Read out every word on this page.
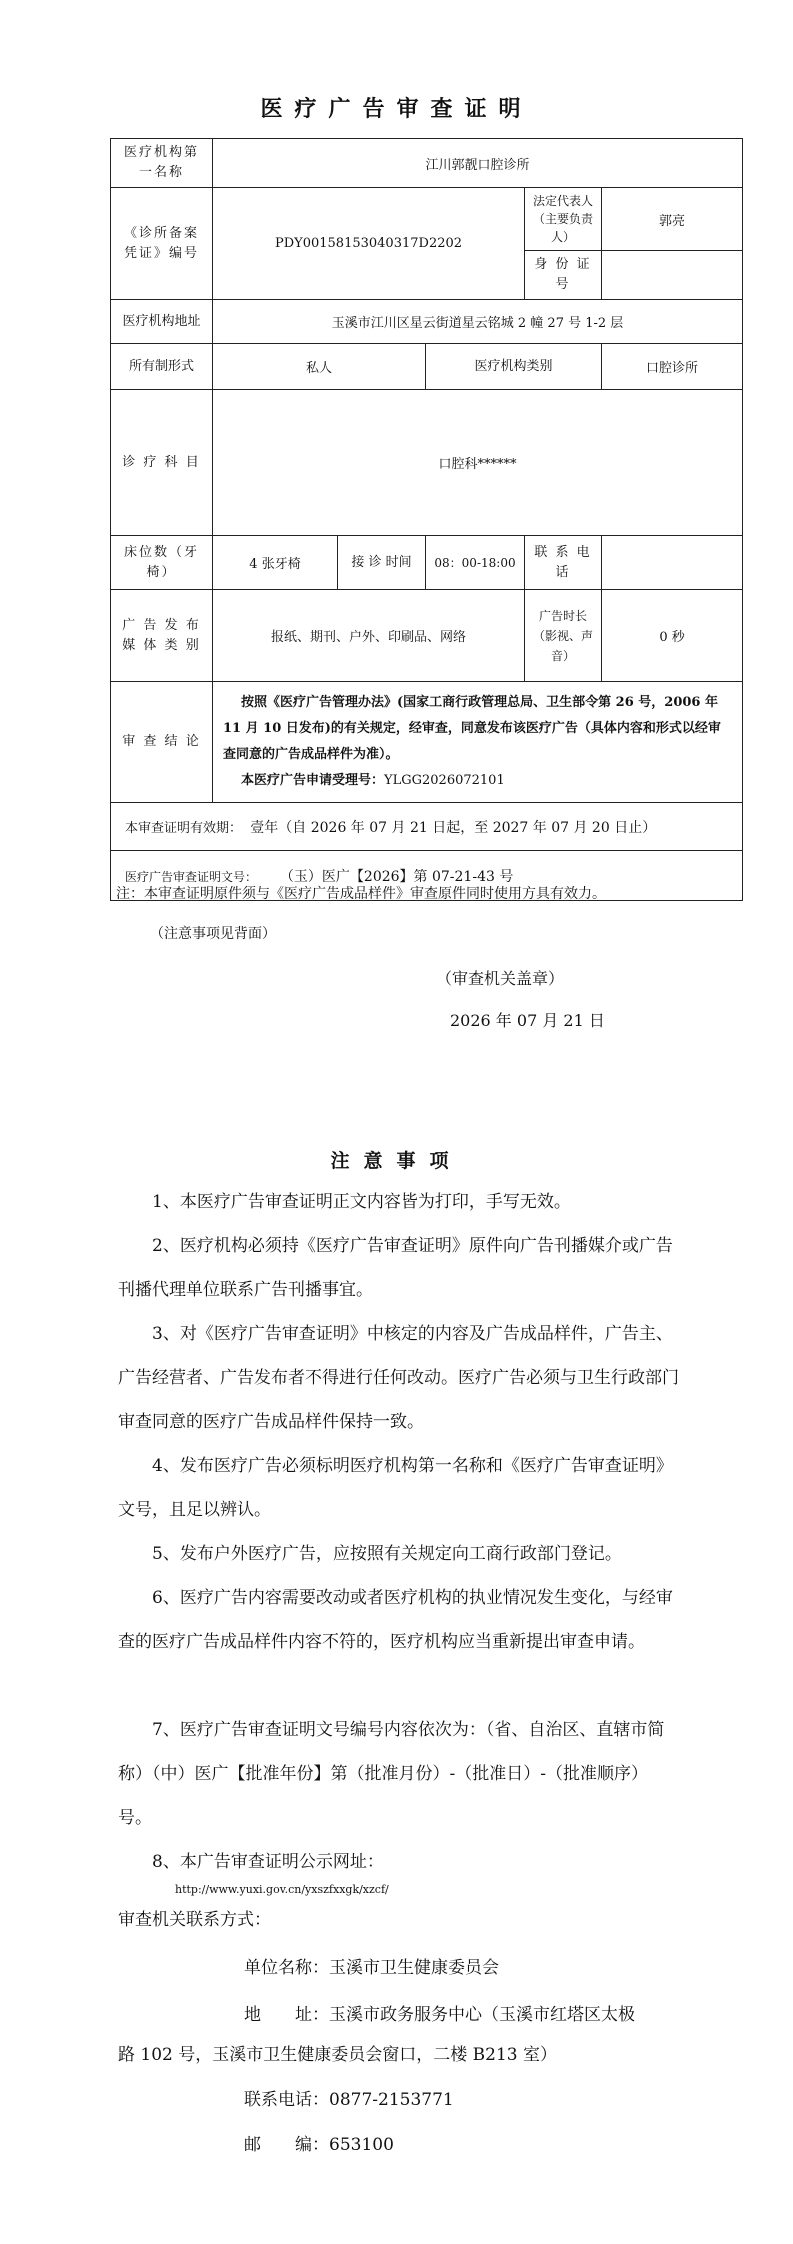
医疗广告审查证明
医疗机构第一名称	江川郭靓口腔诊所				
《诊所备案凭证》编号	PDY00158153040317D2202			法定代表人（主要负责人）	郭亮
				身 份 证 号	
医疗机构地址	玉溪市江川区星云街道星云铭城 2 幢 27 号 1-2 层				
所有制形式	私人		医疗机构类别		口腔诊所
诊 疗 科 目	口腔科******				
床位数（牙椅）	4 张牙椅	接 诊 时间	08：00-18:00	联 系 电话	
广 告 发 布 媒 体 类 别	报纸、期刊、户外、印刷品、网络			广告时长（影视、声音）	0 秒
审 查 结 论	按照《医疗广告管理办法》(国家工商行政管理总局、卫生部令第 26 号，2006 年 11 月 10 日发布)的有关规定，经审查，同意发布该医疗广告（具体内容和形式以经审查同意的广告成品样件为准）。
本医疗广告申请受理号：YLGG2026072101				

本审查证明有效期： 壹年（自 2026 年 07 月 21 日起，至 2027 年 07 月 20 日止）					
医疗广告审查证明文号： （玉）医广【2026】第 07-21-43 号					
注：本审查证明原件须与《医疗广告成品样件》审查原件同时使用方具有效力。
（注意事项见背面）
（审查机关盖章）
2026 年 07 月 21 日
注意事项
1、本医疗广告审查证明正文内容皆为打印，手写无效。
2、医疗机构必须持《医疗广告审查证明》原件向广告刊播媒介或广告刊播代理单位联系广告刊播事宜。
3、对《医疗广告审查证明》中核定的内容及广告成品样件，广告主、广告经营者、广告发布者不得进行任何改动。医疗广告必须与卫生行政部门审查同意的医疗广告成品样件保持一致。
4、发布医疗广告必须标明医疗机构第一名称和《医疗广告审查证明》文号，且足以辨认。
5、发布户外医疗广告，应按照有关规定向工商行政部门登记。
6、医疗广告内容需要改动或者医疗机构的执业情况发生变化，与经审查的医疗广告成品样件内容不符的，医疗机构应当重新提出审查申请。
7、医疗广告审查证明文号编号内容依次为：（省、自治区、直辖市简称）（中）医广【批准年份】第（批准月份）-（批准日）-（批准顺序）号。
8、本广告审查证明公示网址：
http://www.yuxi.gov.cn/yxszfxxgk/xzcf/
审查机关联系方式：
单位名称：玉溪市卫生健康委员会
地　　址：玉溪市政务服务中心（玉溪市红塔区太极
路 102 号，玉溪市卫生健康委员会窗口，二楼 B213 室）
联系电话：0877-2153771
邮　　编：653100
